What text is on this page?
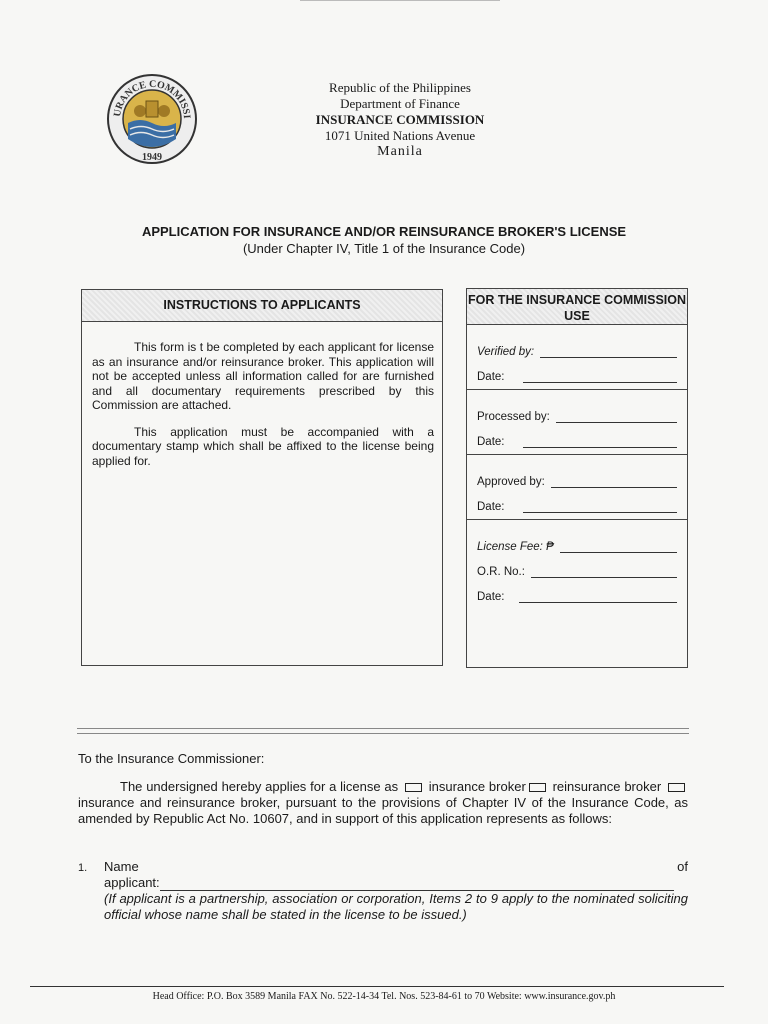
URANCE COMMISSI
1949
Republic of the Philippines
Department of Finance
INSURANCE COMMISSION
1071 United Nations Avenue
Manila
APPLICATION FOR INSURANCE AND/OR REINSURANCE BROKER'S LICENSE
(Under Chapter IV, Title 1 of the Insurance Code)
INSTRUCTIONS TO APPLICANTS

This form is t be completed by each applicant for license as an insurance and/or reinsurance broker. This application will not be accepted unless all information called for are furnished and all documentary requirements prescribed by this Commission are attached.

This application must be accompanied with a documentary stamp which shall be affixed to the license being applied for.

FOR THE INSURANCE COMMISSION USE
Verified by:
Date:
Processed by:
Date:
Approved by:
Date:
License Fee: ₱
O.R. No.:
Date:
To the Insurance Commissioner:
The undersigned hereby applies for a license as insurance broker reinsurance broker  insurance and reinsurance broker, pursuant to the provisions of Chapter IV of the Insurance Code, as amended by Republic Act No. 10607, and in support of this application represents as follows:
1. Name	of
applicant:
(If applicant is a partnership, association or corporation, Items 2 to 9 apply to the nominated soliciting official whose name shall be stated in the license to be issued.)
Head Office: P.O. Box 3589 Manila FAX No. 522-14-34 Tel. Nos. 523-84-61 to 70 Website: www.insurance.gov.ph
